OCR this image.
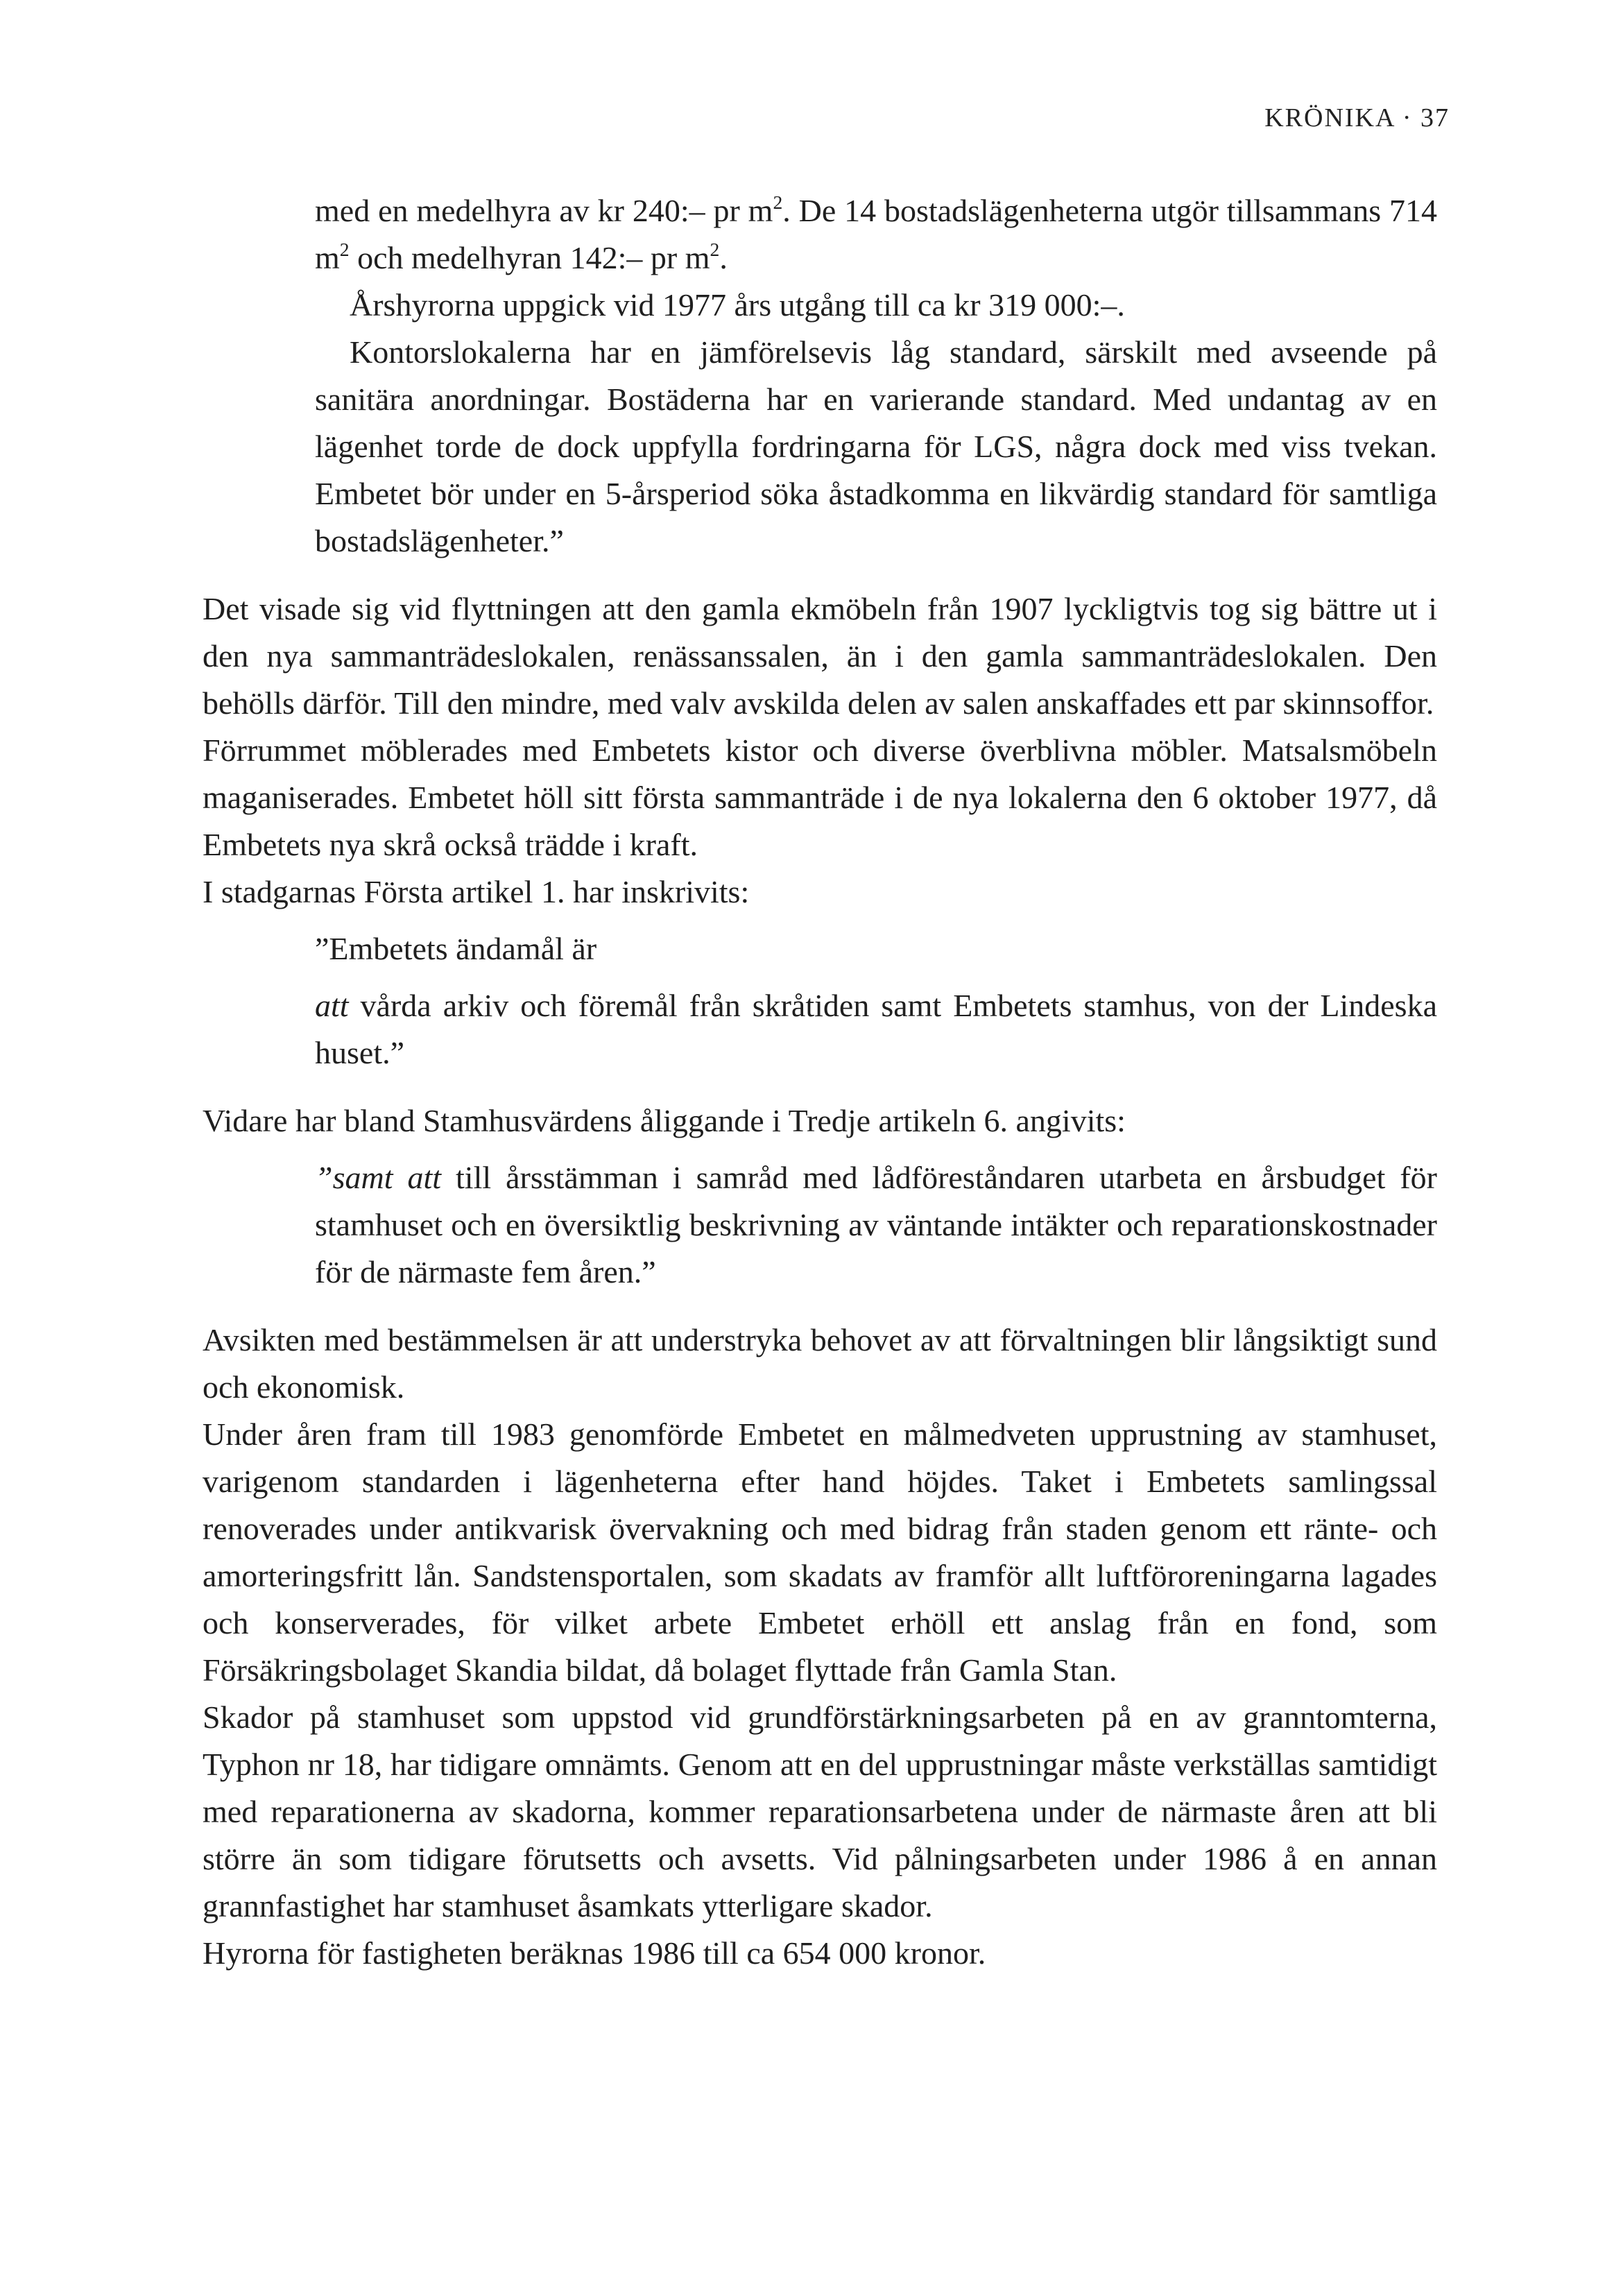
KRÖNIKA · 37

med en medelhyra av kr 240:– pr $m^2$. De 14 bostadslägenheterna utgör tillsammans 714 $m^2$ och medelhyran 142:– pr $m^2$.

Årshyrorna uppgick vid 1977 års utgång till ca kr 319 000:–.

Kontorslokalerna har en jämförelsevis låg standard, särskilt med avseende på sanitära anordningar. Bostäderna har en varierande standard. Med undantag av en lägenhet torde de dock uppfylla fordringarna för LGS, några dock med viss tvekan. Embetet bör under en 5-årsperiod söka åstadkomma en likvärdig standard för samtliga bostadslägenheter.”

Det visade sig vid flyttningen att den gamla ekmöbeln från 1907 lyckligtvis tog sig bättre ut i den nya sammanträdeslokalen, renässanssalen, än i den gamla sammanträdeslokalen. Den behölls därför. Till den mindre, med valv avskilda delen av salen anskaffades ett par skinnsoffor.

Förrummet möblerades med Embetets kistor och diverse överblivna möbler. Matsalsmöbeln maganiserades. Embetet höll sitt första sammanträde i de nya lokalerna den 6 oktober 1977, då Embetets nya skrå också trädde i kraft.

I stadgarnas Första artikel 1. har inskrivits:

”Embetets ändamål är

att vårda arkiv och föremål från skråtiden samt Embetets stamhus, von der Lindeska huset.”

Vidare har bland Stamhusvärdens åliggande i Tredje artikeln 6. angivits:

”samt att till årsstämman i samråd med lådföreståndaren utarbeta en årsbudget för stamhuset och en översiktlig beskrivning av väntande intäkter och reparationskostnader för de närmaste fem åren.”

Avsikten med bestämmelsen är att understryka behovet av att förvaltningen blir långsiktigt sund och ekonomisk.

Under åren fram till 1983 genomförde Embetet en målmedveten upprustning av stamhuset, varigenom standarden i lägenheterna efter hand höjdes. Taket i Embetets samlingssal renoverades under antikvarisk övervakning och med bidrag från staden genom ett ränte- och amorteringsfritt lån. Sandstensportalen, som skadats av framför allt luftföroreningarna lagades och konserverades, för vilket arbete Embetet erhöll ett anslag från en fond, som Försäkringsbolaget Skandia bildat, då bolaget flyttade från Gamla Stan.

Skador på stamhuset som uppstod vid grundförstärkningsarbeten på en av granntomterna, Typhon nr 18, har tidigare omnämts. Genom att en del upprustningar måste verkställas samtidigt med reparationerna av skadorna, kommer reparationsarbetena under de närmaste åren att bli större än som tidigare förutsetts och avsetts. Vid pålningsarbeten under 1986 å en annan grannfastighet har stamhuset åsamkats ytterligare skador.

Hyrorna för fastigheten beräknas 1986 till ca 654 000 kronor.
